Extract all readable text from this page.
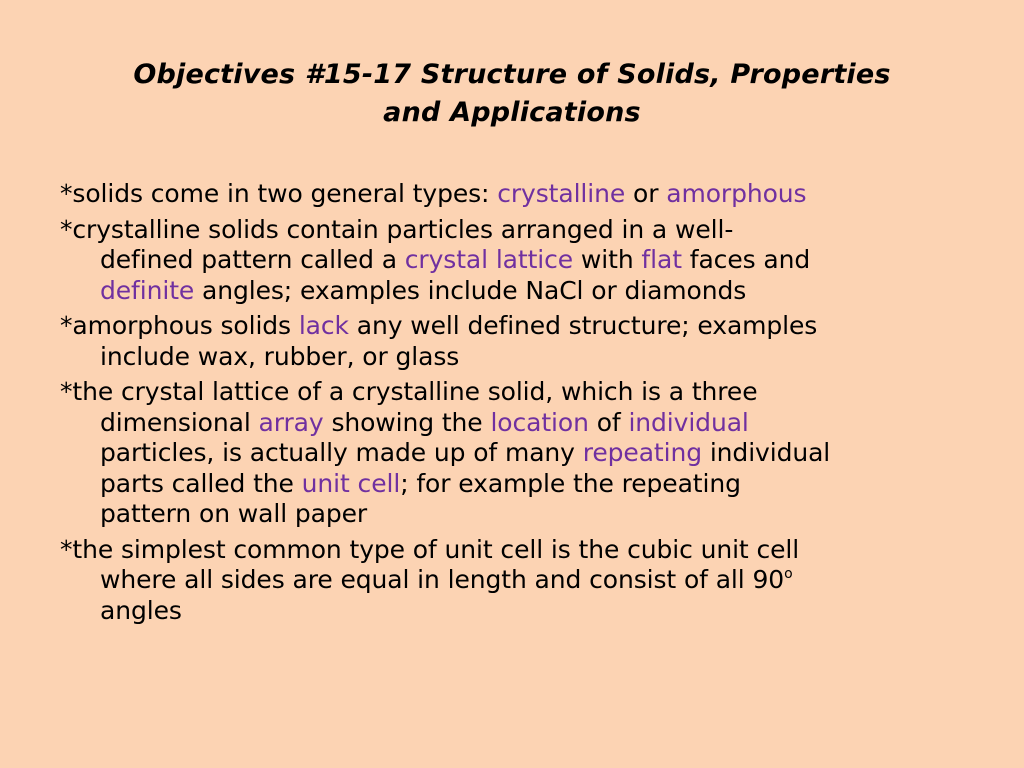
Objectives #15-17 Structure of Solids, Properties
and Applications
*solids come in two general types: crystalline or amorphous
*crystalline solids contain particles arranged in a well-
defined pattern called a crystal lattice with flat faces and
definite angles; examples include NaCl or diamonds
*amorphous solids lack any well defined structure; examples
include wax, rubber, or glass
*the crystal lattice of a crystalline solid, which is a three
dimensional array showing the location of individual
particles, is actually made up of many repeating individual
parts called the unit cell; for example the repeating
pattern on wall paper
*the simplest common type of unit cell is the cubic unit cell
where all sides are equal in length and consist of all 90$^o$
angles
